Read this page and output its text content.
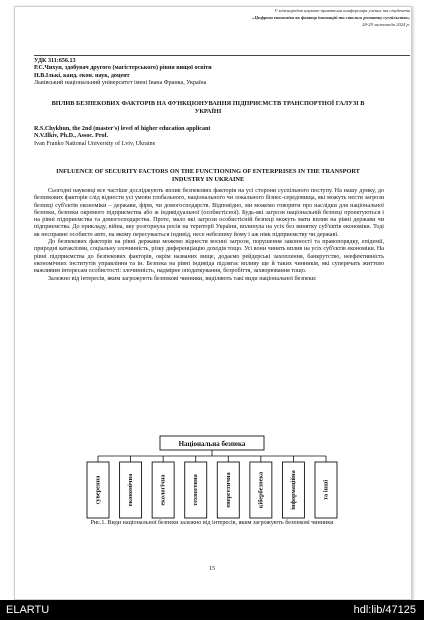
V міжнародна науково-практична конференція учених та студентів
«Цифрова економіка як фактор інновацій та сталого розвитку суспільства»
28-29 листопада 2024 р.
УДК 311:656.13
Р.С.Чихун, здобувач другого (магістерського) рівня вищої освіти
Н.В.Ількі, канд. екон. наук, доцент
Львівський національний університет імені Івана Франка, Україна
ВПЛИВ БЕЗПЕКОВИХ ФАКТОРІВ НА ФУНКЦІОНУВАННЯ ПІДПРИЄМСТВ ТРАНСПОРТНОЇ ГАЛУЗІ В УКРАЇНІ
R.S.Chykhun, the 2nd (master's) level of higher education applicant
N.V.Ilkiv, Ph.D., Assoc. Prof.
Ivan Franko National University of Lviv, Ukraine
INFLUENCE OF SECURITY FACTORS ON THE FUNCTIONING OF ENTERPRISES IN THE TRANSPORT INDUSTRY IN UKRAINE

Сьогодні науковці все частіше досліджують вплив безпекових факторів на усі сторони суспільного поступу. На нашу думку, до безпекових факторів слід віднести усі умови глобального, національного чи локального бізнес-середовища, які можуть нести загрози безпеці суб'єктів економіки – держави, фірм, чи домогосподарств. Відповідно, ми можемо говорити про наслідки для національної безпеки, безпеки окремого підприємства або ж індивідуальної (особистісної). Будь-які загрози національній безпеці проектуються і на рівні підприємства та домогосподарства. Проте, мало які загрози особистісній безпеці можуть мати вплив на рівні держави чи підприємства. До прикладу, війна, яку розгорнула росія на території України, вплинула на усіх без винятку суб'єктів економіки. Тоді як несправне особисте авто, на якому пересувається індивід, несе небезпеку йому і аж ніяк підприємству чи державі.

До безпекових факторів на рівні держави можемо віднести воєнні загрози, порушення законності та правопорядку, епідемії, природні катаклізми, соціальну злочинність, різку диференціацію доходів тощо. Усі вони чинять вплив на усіх суб'єктів економіки. На рівні підприємства до безпекових факторів, окрім названих вище, додаємо рейдерські захоплення, банкрутство, неефективність економічних інститутів управління та ін. Безпека на рівні індивіда підлягає впливу ще й таких чинників, які суперечать життєво важливим інтересам особистості: злочинність, надмірне оподаткування, безробіття, захворювання тощо.

Залежно від інтересів, яким загрожують безпекові чинники, виділяють такі види національної безпеки:

Національна безпека
суверенна	економічна	екологічна	техногенна	енергетична	кібербезпека	інформаційна	та інші
Рис.1. Види національної безпеки залежно від інтересів, яким загрожують безпекові чинники
15
ELARTU	hdl:lib/47125
